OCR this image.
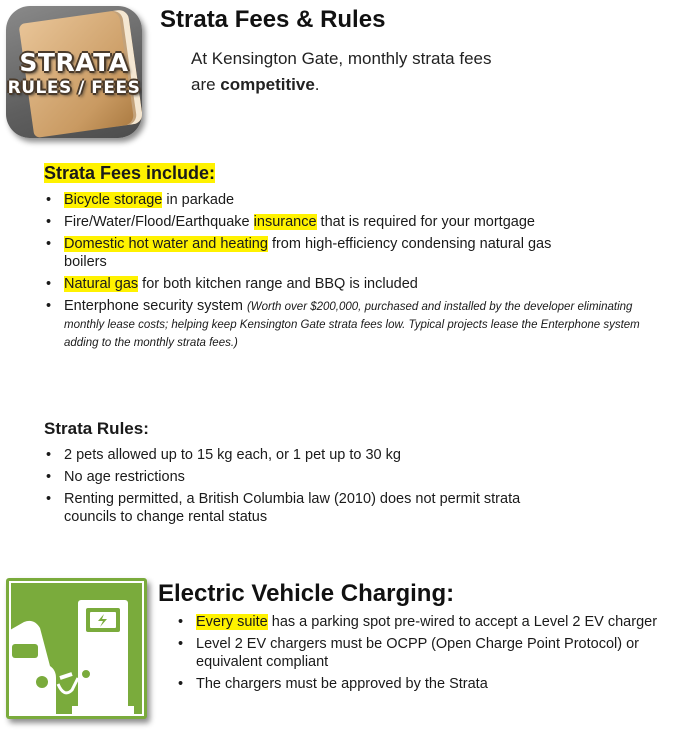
STRATA
RULES / FEES
Strata Fees & Rules

At Kensington Gate, monthly strata fees
are competitive.

Strata Fees include:
• Bicycle storage in parkade
• Fire/Water/Flood/Earthquake insurance that is required for your mortgage
• Domestic hot water and heating from high-efficiency condensing natural gas boilers
• Natural gas for both kitchen range and BBQ is included
• Enterphone security system (Worth over $200,000, purchased and installed by the developer eliminating monthly lease costs; helping keep Kensington Gate strata fees low. Typical projects lease the Enterphone system adding to the monthly strata fees.)
Strata Rules:
• 2 pets allowed up to 15 kg each, or 1 pet up to 30 kg
• No age restrictions
• Renting permitted, a British Columbia law (2010) does not permit strata councils to change rental status
Electric Vehicle Charging:
• Every suite has a parking spot pre-wired to accept a Level 2 EV charger
• Level 2 EV chargers must be OCPP (Open Charge Point Protocol) or equivalent compliant
• The chargers must be approved by the Strata
